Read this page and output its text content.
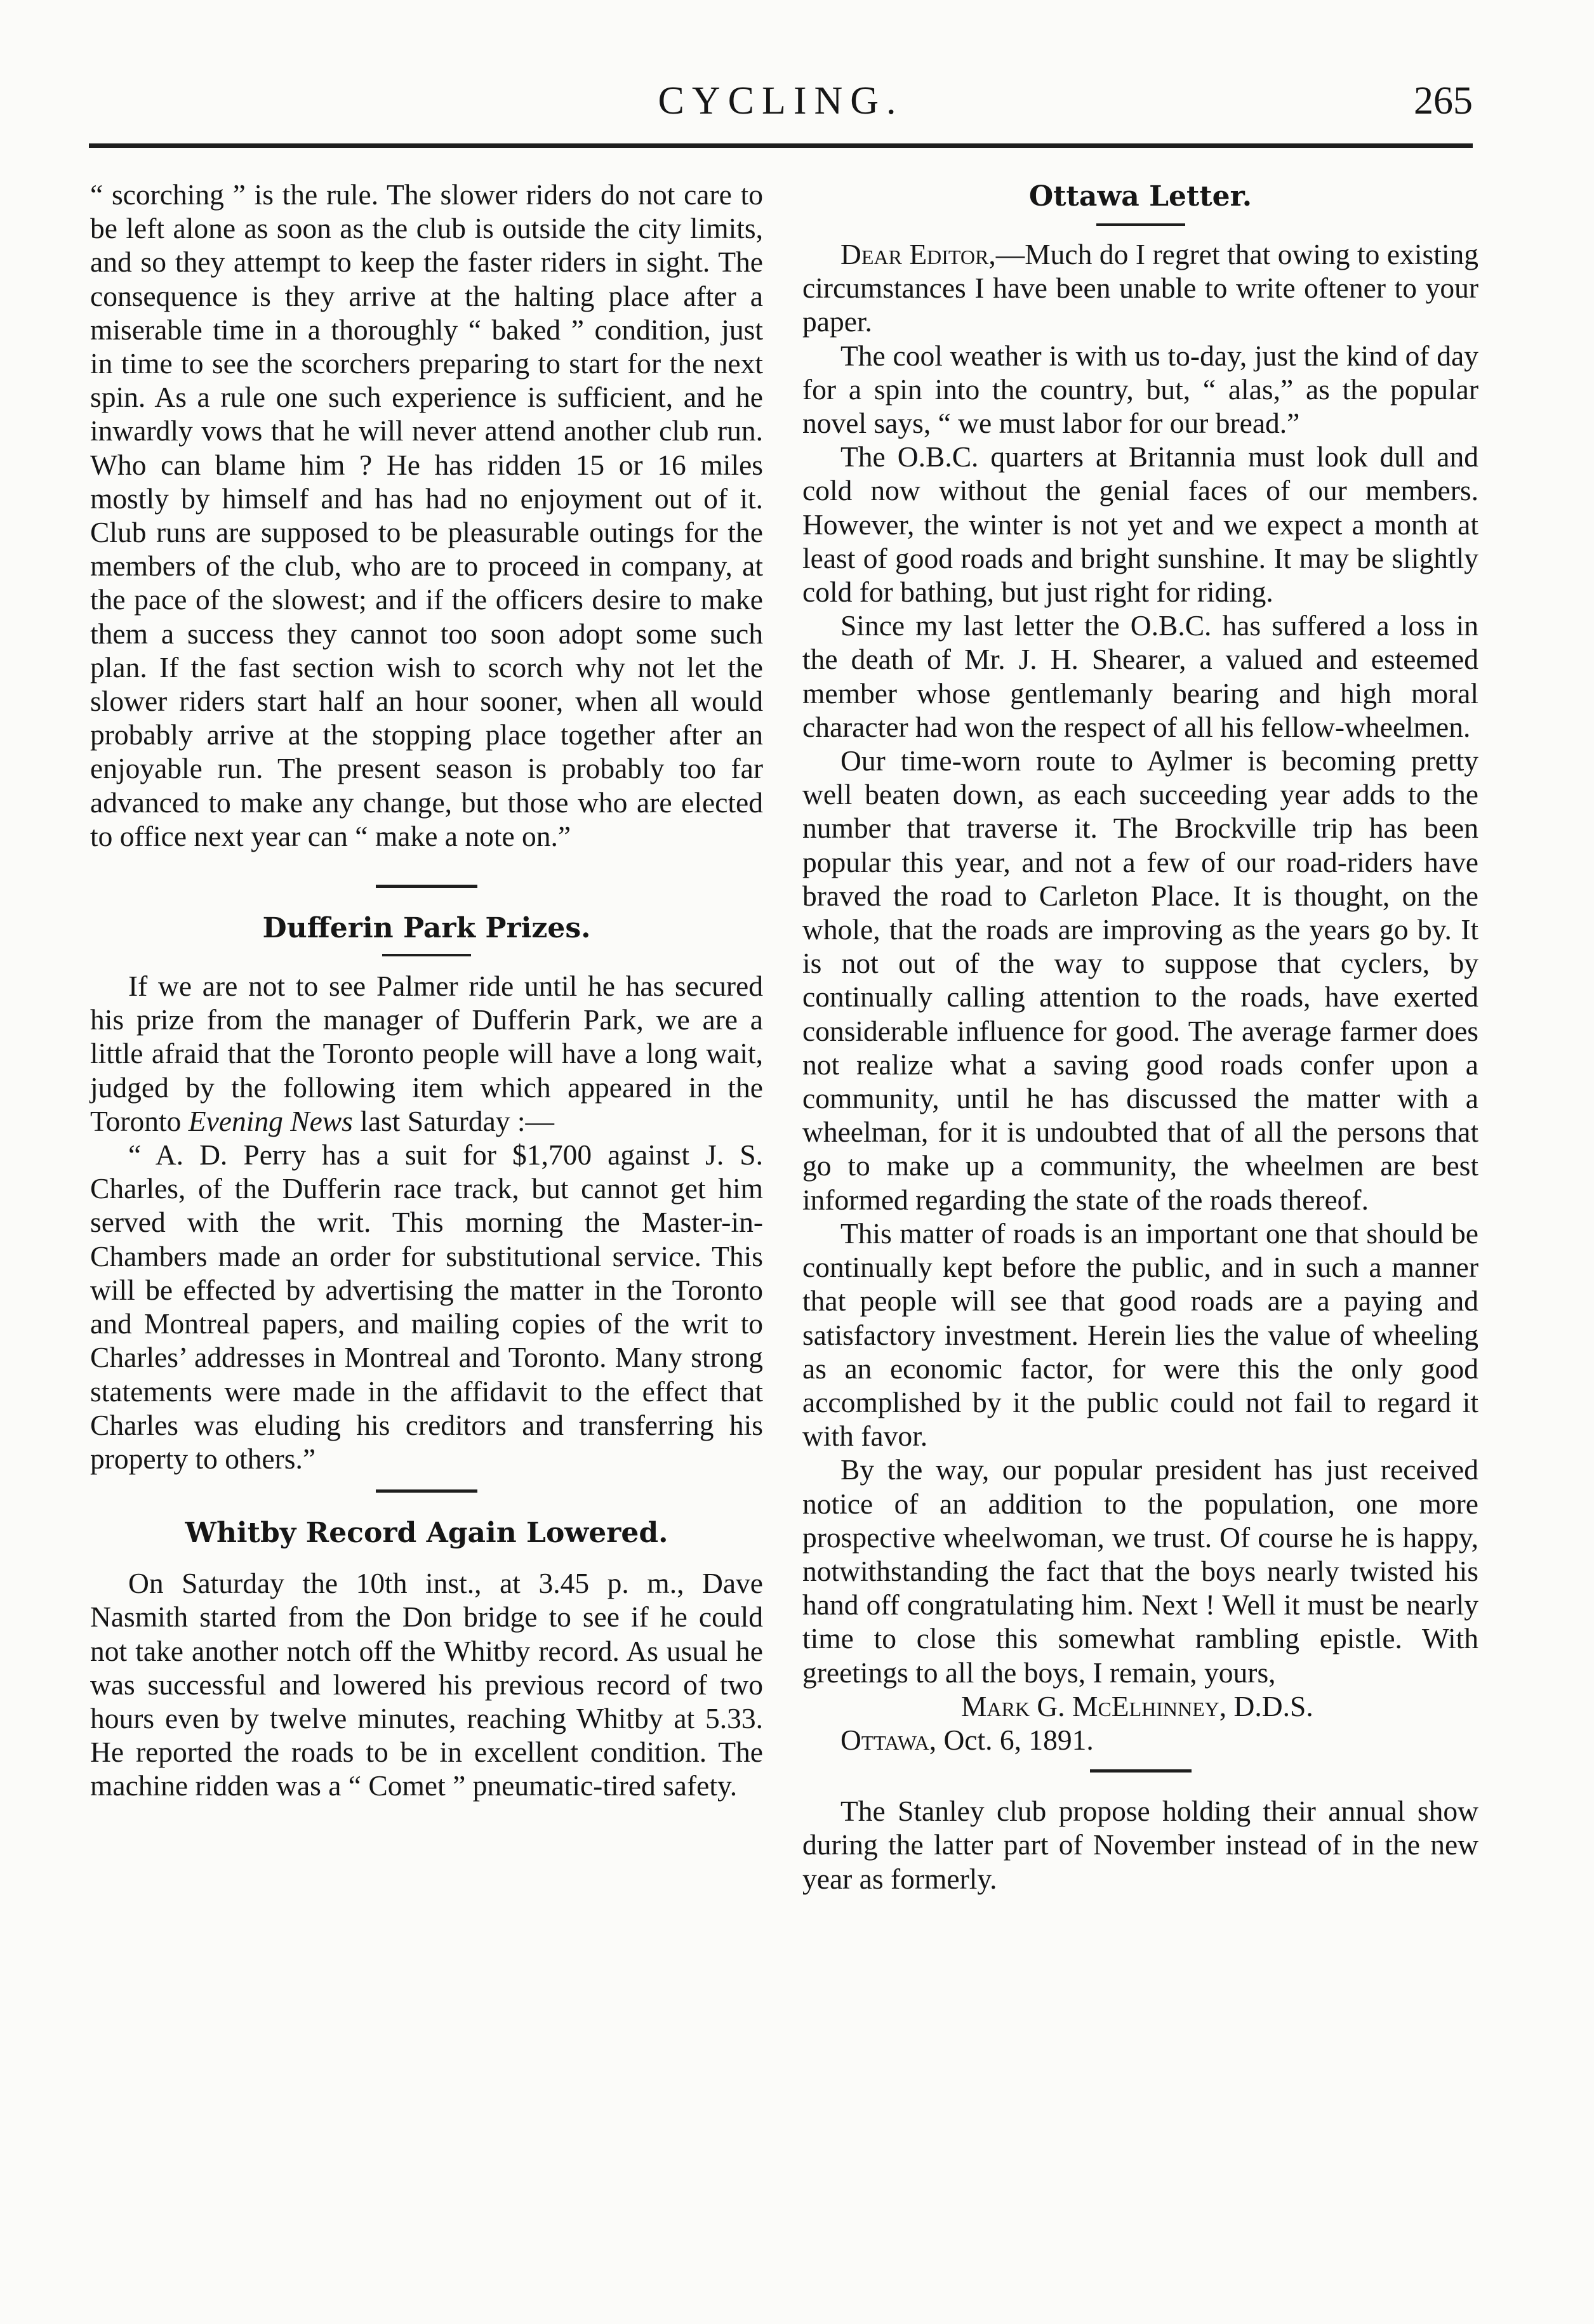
CYCLING.	265

“ scorching ” is the rule. The slower riders do not care to be left alone as soon as the club is outside the city limits, and so they attempt to keep the faster riders in sight. The consequence is they arrive at the halting place after a miserable time in a thoroughly “ baked ” condition, just in time to see the scorchers preparing to start for the next spin. As a rule one such experience is sufficient, and he inwardly vows that he will never attend another club run. Who can blame him ? He has ridden 15 or 16 miles mostly by himself and has had no enjoyment out of it. Club runs are supposed to be pleasurable outings for the members of the club, who are to proceed in company, at the pace of the slowest; and if the officers desire to make them a success they cannot too soon adopt some such plan. If the fast section wish to scorch why not let the slower riders start half an hour sooner, when all would probably arrive at the stopping place together after an enjoyable run. The present season is probably too far advanced to make any change, but those who are elected to office next year can “ make a note on.”

Dufferin Park Prizes.

If we are not to see Palmer ride until he has secured his prize from the manager of Dufferin Park, we are a little afraid that the Toronto people will have a long wait, judged by the following item which appeared in the Toronto Evening News last Saturday :—

“ A. D. Perry has a suit for $1,700 against J. S. Charles, of the Dufferin race track, but cannot get him served with the writ. This morning the Master-in-Chambers made an order for substitutional service. This will be effected by advertising the matter in the Toronto and Montreal papers, and mailing copies of the writ to Charles’ addresses in Montreal and Toronto. Many strong statements were made in the affidavit to the effect that Charles was eluding his creditors and transferring his property to others.”

Whitby Record Again Lowered.

On Saturday the 10th inst., at 3.45 p. m., Dave Nasmith started from the Don bridge to see if he could not take another notch off the Whitby record. As usual he was successful and lowered his previous record of two hours even by twelve minutes, reaching Whitby at 5.33. He reported the roads to be in excellent condition. The machine ridden was a “ Comet ” pneumatic-tired safety.

Ottawa Letter.

Dear Editor,—Much do I regret that owing to existing circumstances I have been unable to write oftener to your paper.

The cool weather is with us to-day, just the kind of day for a spin into the country, but, “ alas,” as the popular novel says, “ we must labor for our bread.”

The O.B.C. quarters at Britannia must look dull and cold now without the genial faces of our members. However, the winter is not yet and we expect a month at least of good roads and bright sunshine. It may be slightly cold for bathing, but just right for riding.

Since my last letter the O.B.C. has suffered a loss in the death of Mr. J. H. Shearer, a valued and esteemed member whose gentlemanly bearing and high moral character had won the respect of all his fellow-wheelmen.

Our time-worn route to Aylmer is becoming pretty well beaten down, as each succeeding year adds to the number that traverse it. The Brockville trip has been popular this year, and not a few of our road-riders have braved the road to Carleton Place. It is thought, on the whole, that the roads are improving as the years go by. It is not out of the way to suppose that cyclers, by continually calling attention to the roads, have exerted considerable influence for good. The average farmer does not realize what a saving good roads confer upon a community, until he has discussed the matter with a wheelman, for it is undoubted that of all the persons that go to make up a community, the wheelmen are best informed regarding the state of the roads thereof.

This matter of roads is an important one that should be continually kept before the public, and in such a manner that people will see that good roads are a paying and satisfactory investment. Herein lies the value of wheeling as an economic factor, for were this the only good accomplished by it the public could not fail to regard it with favor.

By the way, our popular president has just received notice of an addition to the population, one more prospective wheelwoman, we trust. Of course he is happy, notwithstanding the fact that the boys nearly twisted his hand off congratulating him. Next ! Well it must be nearly time to close this somewhat rambling epistle. With greetings to all the boys, I remain, yours,

Mark G. McElhinney, D.D.S.

Ottawa, Oct. 6, 1891.

The Stanley club propose holding their annual show during the latter part of November instead of in the new year as formerly.
